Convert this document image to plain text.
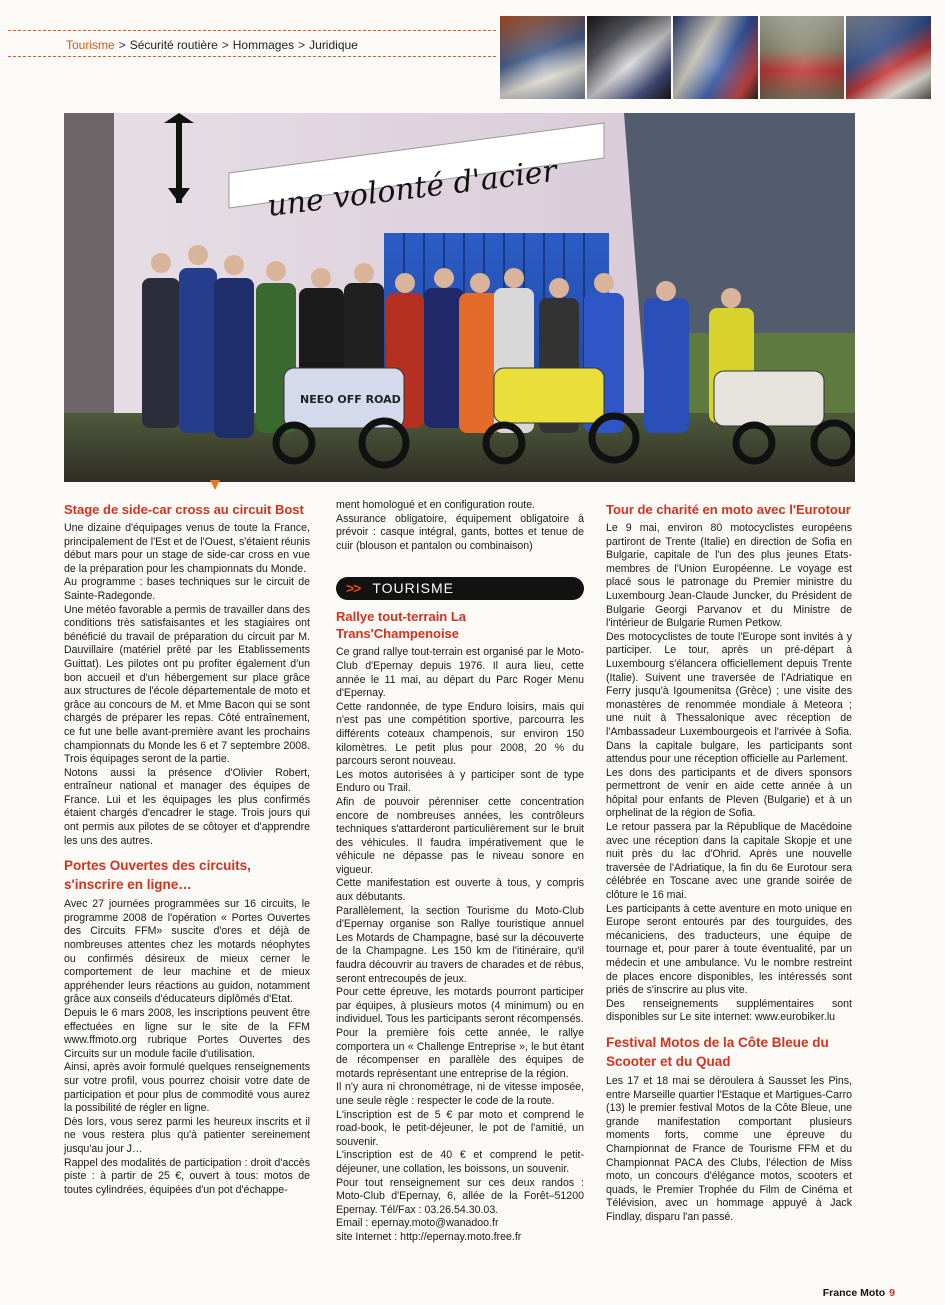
Tourisme > Sécurité routière > Hommages > Juridique
une volonté d'acier
NEEO OFF ROAD
Stage de side-car cross au circuit Bost

Une dizaine d'équipages venus de toute la France, principalement de l'Est et de l'Ouest, s'étaient réunis début mars pour un stage de side-car cross en vue de la préparation pour les championnats du Monde.

Au programme : bases techniques sur le circuit de Sainte-Radegonde.

Une météo favorable a permis de travailler dans des conditions très satisfaisantes et les stagiaires ont bénéficié du travail de préparation du circuit par M. Dauvillaire (matériel prêté par les Etablissements Guittat). Les pilotes ont pu profiter également d'un bon accueil et d'un hébergement sur place grâce aux structures de l'école départementale de moto et grâce au concours de M. et Mme Bacon qui se sont chargés de préparer les repas. Côté entraînement, ce fut une belle avant-première avant les prochains championnats du Monde les 6 et 7 septembre 2008. Trois équipages seront de la partie.

Notons aussi la présence d'Olivier Robert, entraîneur national et manager des équipes de France. Lui et les équipages les plus confirmés étaient chargés d'encadrer le stage. Trois jours qui ont permis aux pilotes de se côtoyer et d'apprendre les uns des autres.

Portes Ouvertes des circuits, s'inscrire en ligne…

Avec 27 journées programmées sur 16 circuits, le programme 2008 de l'opération « Portes Ouvertes des Circuits FFM» suscite d'ores et déjà de nombreuses attentes chez les motards néophytes ou confirmés désireux de mieux cerner le comportement de leur machine et de mieux appréhender leurs réactions au guidon, notamment grâce aux conseils d'éducateurs diplômés d'Etat.

Depuis le 6 mars 2008, les inscriptions peuvent être effectuées en ligne sur le site de la FFM www.ffmoto.org rubrique Portes Ouvertes des Circuits sur un module facile d'utilisation.

Ainsi, après avoir formulé quelques renseignements sur votre profil, vous pourrez choisir votre date de participation et pour plus de commodité vous aurez la possibilité de régler en ligne.

Dès lors, vous serez parmi les heureux inscrits et il ne vous restera plus qu'à patienter sereinement jusqu'au jour J…

Rappel des modalités de participation : droit d'accès piste : à partir de 25 €, ouvert à tous: motos de toutes cylindrées, équipées d'un pot d'échappe-

ment homologué et en configuration route.

Assurance obligatoire, équipement obligatoire à prévoir : casque intégral, gants, bottes et tenue de cuir (blouson et pantalon ou combinaison)

>> TOURISME
Rallye tout-terrain La Trans'Champenoise

Ce grand rallye tout-terrain est organisé par le Moto-Club d'Epernay depuis 1976. Il aura lieu, cette année le 11 mai, au départ du Parc Roger Menu d'Epernay.

Cette randonnée, de type Enduro loisirs, mais qui n'est pas une compétition sportive, parcourra les différents coteaux champenois, sur environ 150 kilomètres. Le petit plus pour 2008, 20 % du parcours seront nouveau.

Les motos autorisées à y participer sont de type Enduro ou Trail.

Afin de pouvoir pérenniser cette concentration encore de nombreuses années, les contrôleurs techniques s'attarderont particulièrement sur le bruit des véhicules. Il faudra impérativement que le véhicule ne dépasse pas le niveau sonore en vigueur.

Cette manifestation est ouverte à tous, y compris aux débutants.

Parallèlement, la section Tourisme du Moto-Club d'Epernay organise son Rallye touristique annuel Les Motards de Champagne, basé sur la découverte de la Champagne. Les 150 km de l'itinéraire, qu'il faudra découvrir au travers de charades et de rébus, seront entrecoupés de jeux.

Pour cette épreuve, les motards pourront participer par équipes, à plusieurs motos (4 minimum) ou en individuel. Tous les participants seront récompensés.

Pour la première fois cette année, le rallye comportera un « Challenge Entreprise », le but étant de récompenser en parallèle des équipes de motards représentant une entreprise de la région.

Il n'y aura ni chronométrage, ni de vitesse imposée, une seule règle : respecter le code de la route.

L'inscription est de 5 € par moto et comprend le road-book, le petit-déjeuner, le pot de l'amitié, un souvenir.

L'inscription est de 40 € et comprend le petit-déjeuner, une collation, les boissons, un souvenir.

Pour tout renseignement sur ces deux randos : Moto-Club d'Epernay, 6, allée de la Forêt–51200 Epernay. Tél/Fax : 03.26.54.30.03.

Email : epernay.moto@wanadoo.fr

site Internet : http://epernay.moto.free.fr

Tour de charité en moto avec l'Eurotour

Le 9 mai, environ 80 motocyclistes européens partiront de Trente (Italie) en direction de Sofia en Bulgarie, capitale de l'un des plus jeunes Etats-membres de l'Union Européenne. Le voyage est placé sous le patronage du Premier ministre du Luxembourg Jean-Claude Juncker, du Président de Bulgarie Georgi Parvanov et du Ministre de l'intérieur de Bulgarie Rumen Petkow.

Des motocyclistes de toute l'Europe sont invités à y participer. Le tour, après un pré-départ à Luxembourg s'élancera officiellement depuis Trente (Italie). Suivent une traversée de l'Adriatique en Ferry jusqu'à Igoumenitsa (Grèce) ; une visite des monastères de renommée mondiale à Meteora ; une nuit à Thessalonique avec réception de l'Ambassadeur Luxembourgeois et l'arrivée à Sofia. Dans la capitale bulgare, les participants sont attendus pour une réception officielle au Parlement.

Les dons des participants et de divers sponsors permettront de venir en aide cette année à un hôpital pour enfants de Pleven (Bulgarie) et à un orphelinat de la région de Sofia.

Le retour passera par la République de Macédoine avec une réception dans la capitale Skopje et une nuit près du lac d'Ohrid. Après une nouvelle traversée de l'Adriatique, la fin du 6e Eurotour sera célébrée en Toscane avec une grande soirée de clôture le 16 mai.

Les participants à cette aventure en moto unique en Europe seront entourés par des tourguides, des mécaniciens, des traducteurs, une équipe de tournage et, pour parer à toute éventualité, par un médecin et une ambulance. Vu le nombre restreint de places encore disponibles, les intéressés sont priés de s'inscrire au plus vite.

Des renseignements supplémentaires sont disponibles sur Le site internet: www.eurobiker.lu

Festival Motos de la Côte Bleue du Scooter et du Quad

Les 17 et 18 mai se déroulera à Sausset les Pins, entre Marseille quartier l'Estaque et Martigues-Carro (13) le premier festival Motos de la Côte Bleue, une grande manifestation comportant plusieurs moments forts, comme une épreuve du Championnat de France de Tourisme FFM et du Championnat PACA des Clubs, l'élection de Miss moto, un concours d'élégance motos, scooters et quads, le Premier Trophée du Film de Cinéma et Télévision, avec un hommage appuyé à Jack Findlay, disparu l'an passé.

France Moto 9
